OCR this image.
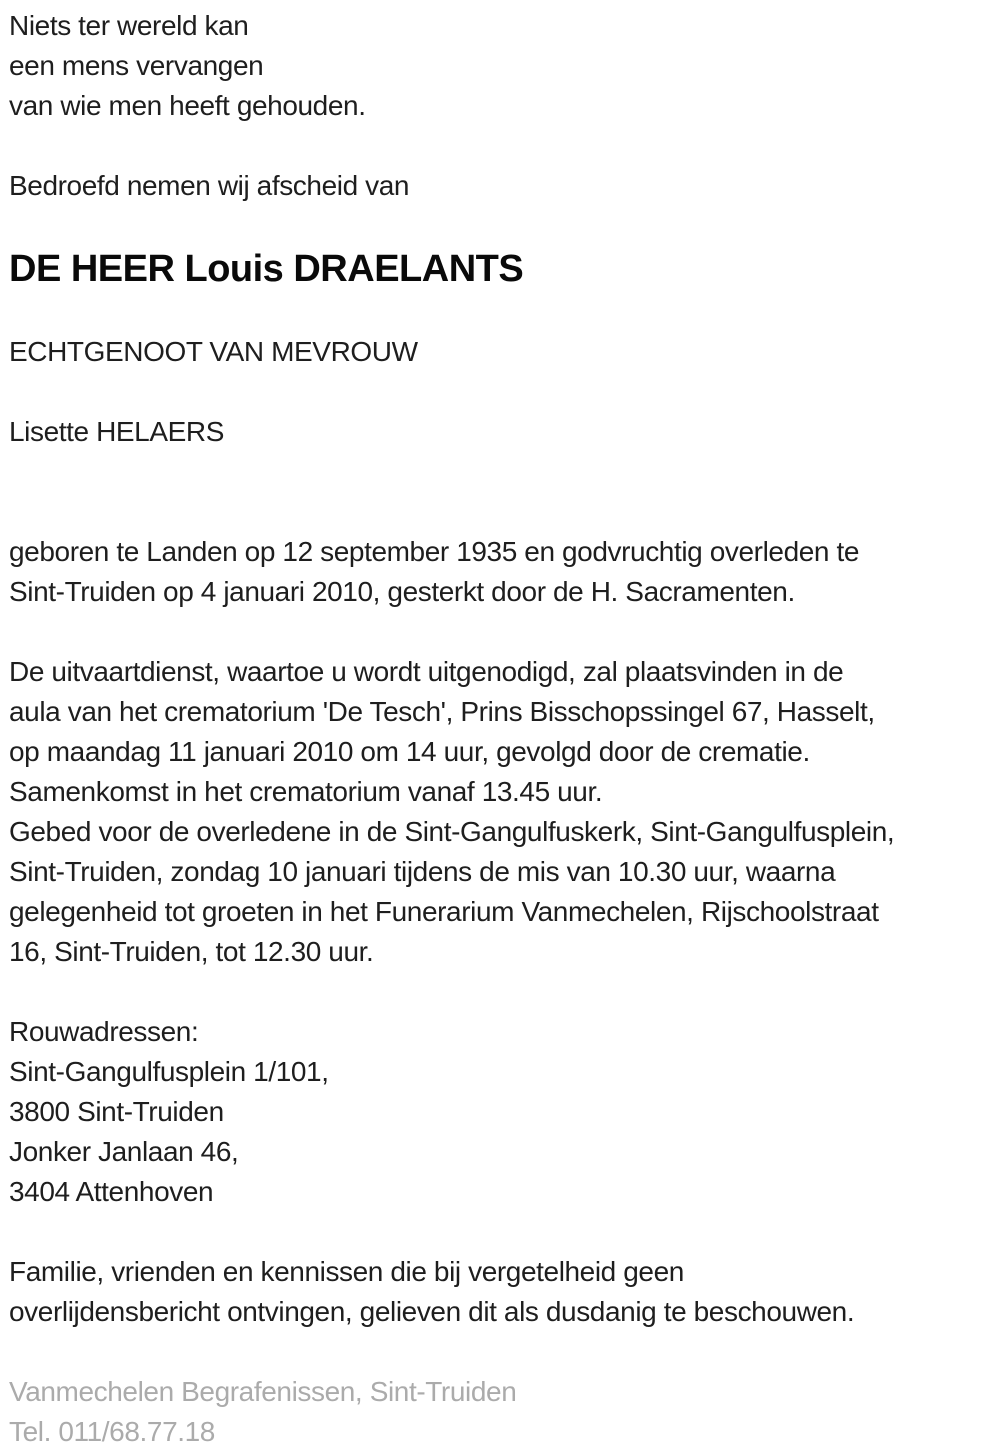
Niets ter wereld kan
een mens vervangen
van wie men heeft gehouden.

Bedroefd nemen wij afscheid van

DE HEER Louis DRAELANTS

ECHTGENOOT VAN MEVROUW

Lisette HELAERS

geboren te Landen op 12 september 1935 en godvruchtig overleden te
Sint-Truiden op 4 januari 2010, gesterkt door de H. Sacramenten.

De uitvaartdienst, waartoe u wordt uitgenodigd, zal plaatsvinden in de
aula van het crematorium 'De Tesch', Prins Bisschopssingel 67, Hasselt,
op maandag 11 januari 2010 om 14 uur, gevolgd door de crematie.
Samenkomst in het crematorium vanaf 13.45 uur.
Gebed voor de overledene in de Sint-Gangulfuskerk, Sint-Gangulfusplein,
Sint-Truiden, zondag 10 januari tijdens de mis van 10.30 uur, waarna
gelegenheid tot groeten in het Funerarium Vanmechelen, Rijschoolstraat
16, Sint-Truiden, tot 12.30 uur.

Rouwadressen:
Sint-Gangulfusplein 1/101,
3800 Sint-Truiden
Jonker Janlaan 46,
3404 Attenhoven

Familie, vrienden en kennissen die bij vergetelheid geen
overlijdensbericht ontvingen, gelieven dit als dusdanig te beschouwen.

Vanmechelen Begrafenissen, Sint-Truiden
Tel. 011/68.77.18
